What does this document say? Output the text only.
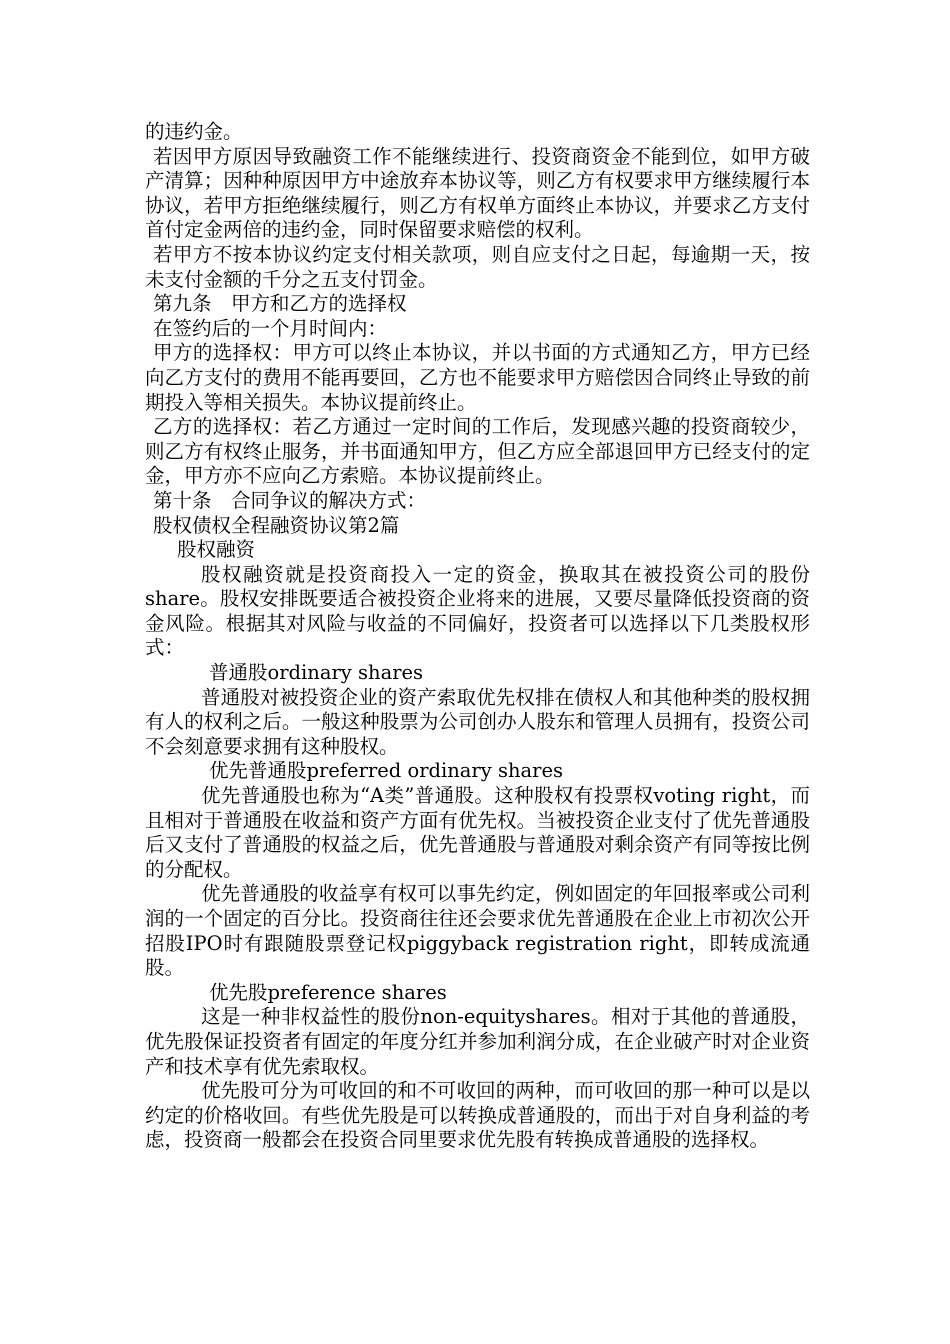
的违约金。

若因甲方原因导致融资工作不能继续进行、投资商资金不能到位，如甲方破产清算；因种种原因甲方中途放弃本协议等，则乙方有权要求甲方继续履行本协议，若甲方拒绝继续履行，则乙方有权单方面终止本协议，并要求乙方支付首付定金两倍的违约金，同时保留要求赔偿的权利。

若甲方不按本协议约定支付相关款项，则自应支付之日起，每逾期一天，按未支付金额的千分之五支付罚金。

第九条　甲方和乙方的选择权

在签约后的一个月时间内：

甲方的选择权：甲方可以终止本协议，并以书面的方式通知乙方，甲方已经向乙方支付的费用不能再要回，乙方也不能要求甲方赔偿因合同终止导致的前期投入等相关损失。本协议提前终止。

乙方的选择权：若乙方通过一定时间的工作后，发现感兴趣的投资商较少，则乙方有权终止服务，并书面通知甲方，但乙方应全部退回甲方已经支付的定金，甲方亦不应向乙方索赔。本协议提前终止。

第十条　合同争议的解决方式：

股权债权全程融资协议第2篇

股权融资

股权融资就是投资商投入一定的资金，换取其在被投资公司的股份share。股权安排既要适合被投资企业将来的进展，又要尽量降低投资商的资金风险。根据其对风险与收益的不同偏好，投资者可以选择以下几类股权形式：

普通股ordinary shares

普通股对被投资企业的资产索取优先权排在债权人和其他种类的股权拥有人的权利之后。一般这种股票为公司创办人股东和管理人员拥有，投资公司不会刻意要求拥有这种股权。

优先普通股preferred ordinary shares

优先普通股也称为“A类”普通股。这种股权有投票权voting right，而且相对于普通股在收益和资产方面有优先权。当被投资企业支付了优先普通股后又支付了普通股的权益之后，优先普通股与普通股对剩余资产有同等按比例的分配权。

优先普通股的收益享有权可以事先约定，例如固定的年回报率或公司利润的一个固定的百分比。投资商往往还会要求优先普通股在企业上市初次公开招股IPO时有跟随股票登记权piggyback registration right，即转成流通股。

优先股preference shares

这是一种非权益性的股份non-equityshares。相对于其他的普通股，优先股保证投资者有固定的年度分红并参加利润分成，在企业破产时对企业资产和技术享有优先索取权。

优先股可分为可收回的和不可收回的两种，而可收回的那一种可以是以约定的价格收回。有些优先股是可以转换成普通股的，而出于对自身利益的考虑，投资商一般都会在投资合同里要求优先股有转换成普通股的选择权。
